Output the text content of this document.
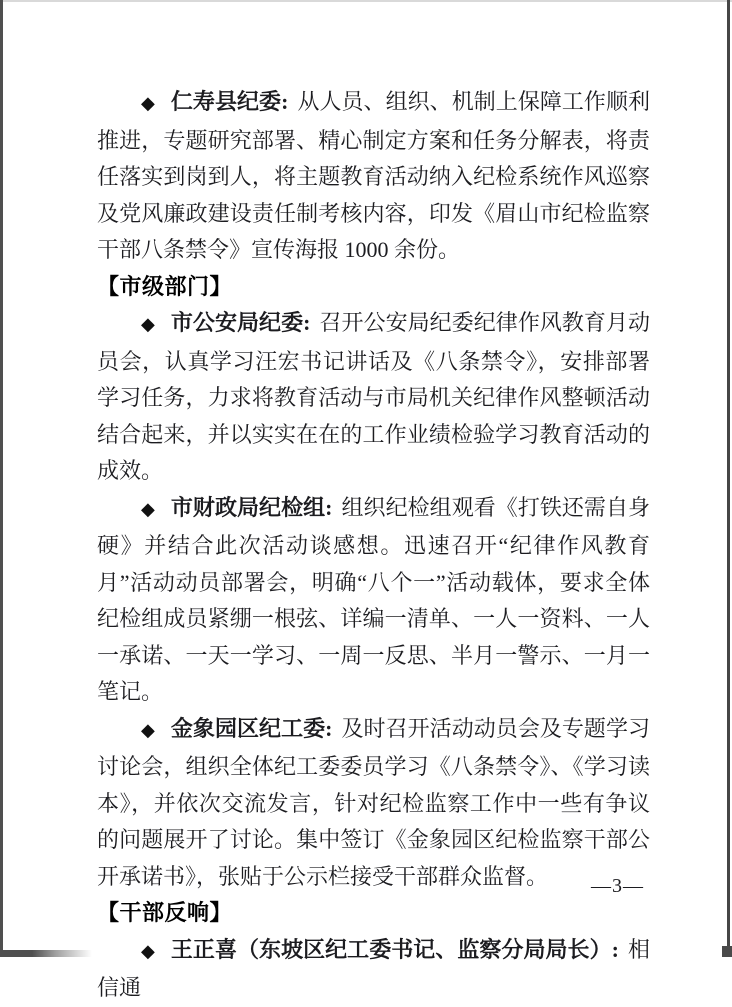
◆ 仁寿县纪委: 从人员、组织、机制上保障工作顺利推进，专题研究部署、精心制定方案和任务分解表，将责任落实到岗到人，将主题教育活动纳入纪检系统作风巡察及党风廉政建设责任制考核内容，印发《眉山市纪检监察干部八条禁令》宣传海报 1000 余份。

【市级部门】

◆ 市公安局纪委: 召开公安局纪委纪律作风教育月动员会，认真学习汪宏书记讲话及《八条禁令》，安排部署学习任务，力求将教育活动与市局机关纪律作风整顿活动结合起来，并以实实在在的工作业绩检验学习教育活动的成效。

◆ 市财政局纪检组: 组织纪检组观看《打铁还需自身硬》并结合此次活动谈感想。迅速召开“纪律作风教育月”活动动员部署会，明确“八个一”活动载体，要求全体纪检组成员紧绷一根弦、详编一清单、一人一资料、一人一承诺、一天一学习、一周一反思、半月一警示、一月一笔记。

◆ 金象园区纪工委: 及时召开活动动员会及专题学习讨论会，组织全体纪工委委员学习《八条禁令》、《学习读本》，并依次交流发言，针对纪检监察工作中一些有争议的问题展开了讨论。集中签订《金象园区纪检监察干部公开承诺书》，张贴于公示栏接受干部群众监督。

【干部反响】

◆ 王正喜（东坡区纪工委书记、监察分局局长）: 相信通

—3—
